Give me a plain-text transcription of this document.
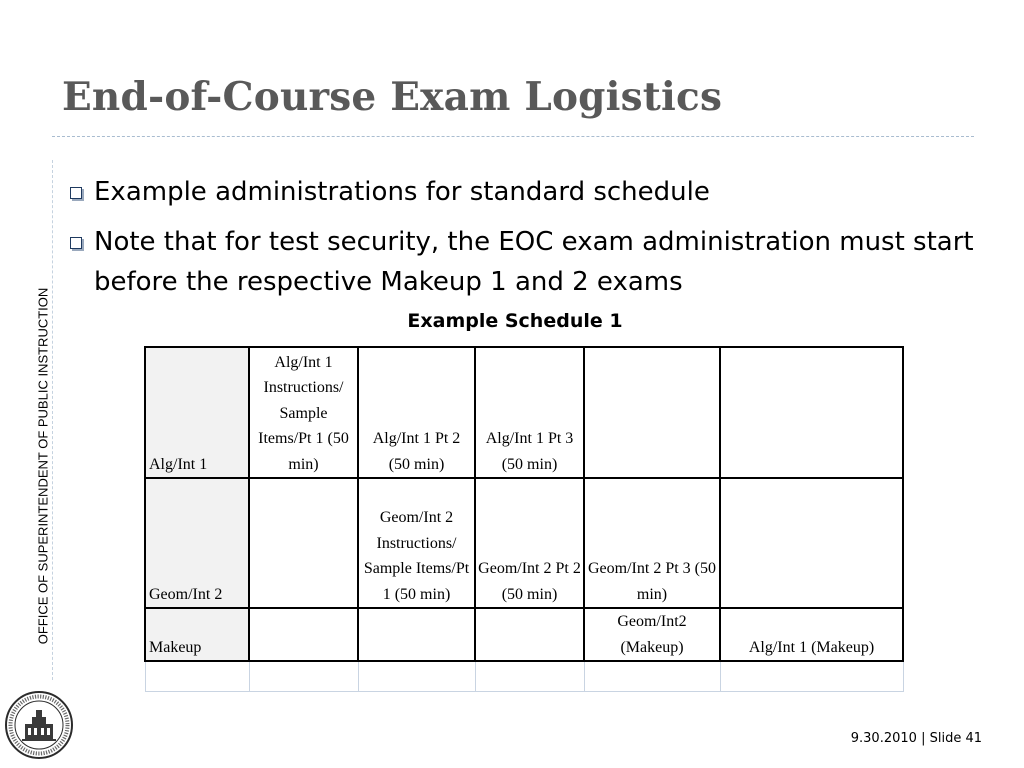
End-of-Course Exam Logistics
OFFICE OF SUPERINTENDENT OF PUBLIC INSTRUCTION
Example administrations for standard schedule
Note that for test security, the EOC exam administration must start before the respective Makeup 1 and 2 exams
Example Schedule 1
Alg/Int 1	Alg/Int 1 Instructions/ Sample Items/Pt 1 (50 min)	Alg/Int 1 Pt 2 (50 min)	Alg/Int 1 Pt 3 (50 min)		
Geom/Int 2		Geom/Int 2 Instructions/ Sample Items/Pt 1 (50 min)	Geom/Int 2 Pt 2 (50 min)	Geom/Int 2 Pt 3 (50 min)	
Makeup				Geom/Int2 (Makeup)	Alg/Int 1 (Makeup)

9.30.2010 | Slide 41
